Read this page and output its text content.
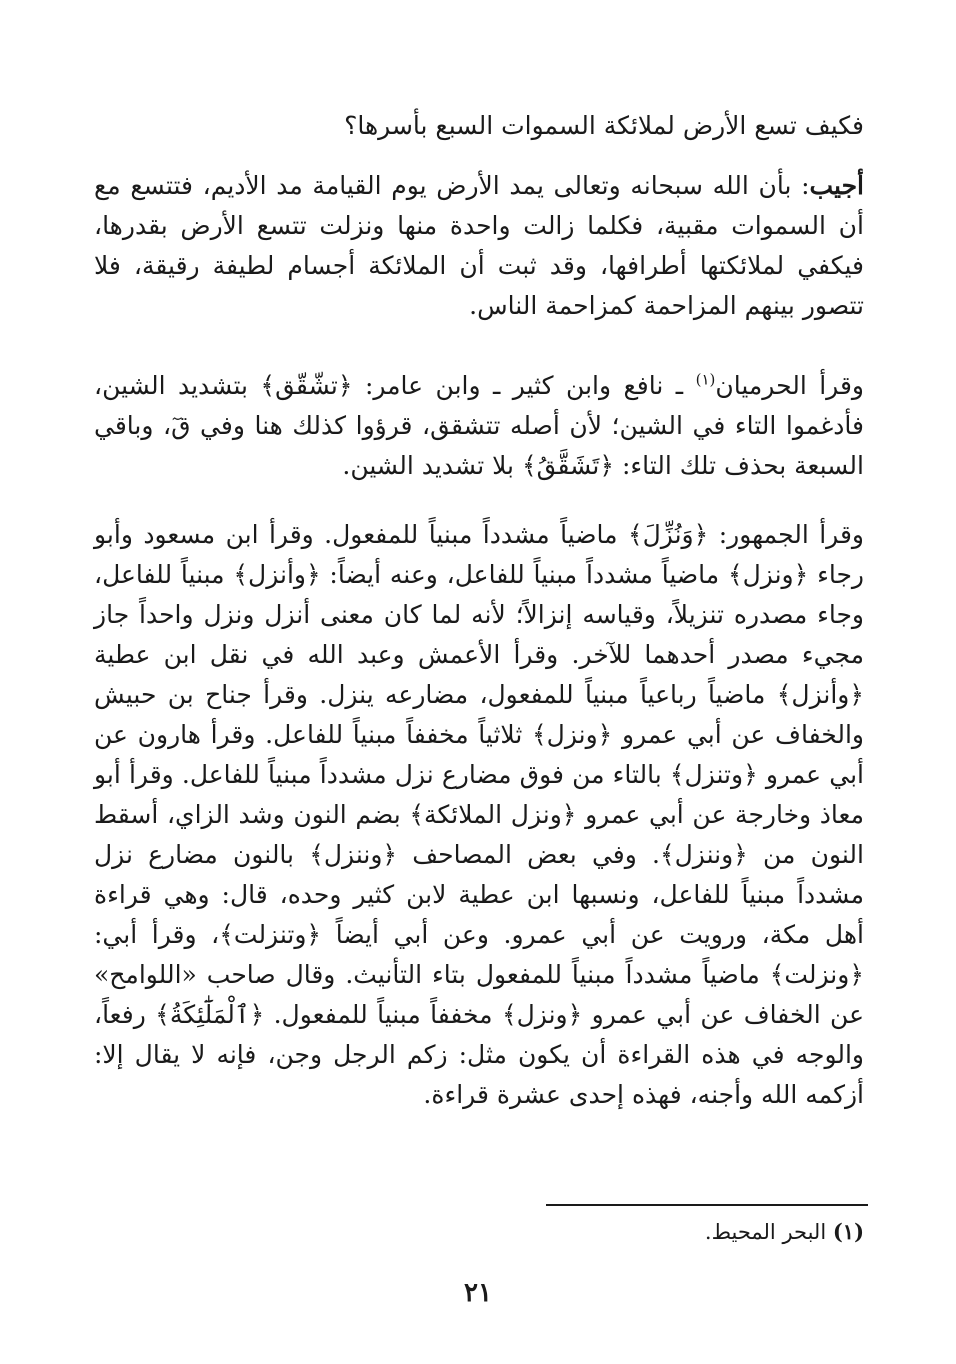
فكيف تسع الأرض لملائكة السموات السبع بأسرها؟

أجيب: بأن الله سبحانه وتعالى يمد الأرض يوم القيامة مد الأديم، فتتسع مع أن السموات مقبية، فكلما زالت واحدة منها ونزلت تتسع الأرض بقدرها، فيكفي لملائكتها أطرافها، وقد ثبت أن الملائكة أجسام لطيفة رقيقة، فلا تتصور بينهم المزاحمة كمزاحمة الناس.

وقرأ الحرميان$^{(١)}$ ـ نافع وابن كثير ـ وابن عامر: ﴿تشّقّق﴾ بتشديد الشين، فأدغموا التاء في الشين؛ لأن أصله تتشقق، قرؤوا كذلك هنا وفي قٓ، وباقي السبعة بحذف تلك التاء: ﴿تَشَقَّقُ﴾ بلا تشديد الشين.

وقرأ الجمهور: ﴿وَنُزِّلَ﴾ ماضياً مشدداً مبنياً للمفعول. وقرأ ابن مسعود وأبو رجاء ﴿ونزل﴾ ماضياً مشدداً مبنياً للفاعل، وعنه أيضاً: ﴿وأنزل﴾ مبنياً للفاعل، وجاء مصدره تنزيلاً، وقياسه إنزالاً؛ لأنه لما كان معنى أنزل ونزل واحداً جاز مجيء مصدر أحدهما للآخر. وقرأ الأعمش وعبد الله في نقل ابن عطية ﴿وأنزل﴾ ماضياً رباعياً مبنياً للمفعول، مضارعه ينزل. وقرأ جناح بن حبيش والخفاف عن أبي عمرو ﴿ونزل﴾ ثلاثياً مخففاً مبنياً للفاعل. وقرأ هارون عن أبي عمرو ﴿وتنزل﴾ بالتاء من فوق مضارع نزل مشدداً مبنياً للفاعل. وقرأ أبو معاذ وخارجة عن أبي عمرو ﴿ونزل الملائكة﴾ بضم النون وشد الزاي، أسقط النون من ﴿وننزل﴾. وفي بعض المصاحف ﴿وننزل﴾ بالنون مضارع نزل مشدداً مبنياً للفاعل، ونسبها ابن عطية لابن كثير وحده، قال: وهي قراءة أهل مكة، ورويت عن أبي عمرو. وعن أبي أيضاً ﴿وتنزلت﴾، وقرأ أبي: ﴿ونزلت﴾ ماضياً مشدداً مبنياً للمفعول بتاء التأنيث. وقال صاحب «اللوامح» عن الخفاف عن أبي عمرو ﴿ونزل﴾ مخففاً مبنياً للمفعول. ﴿ٱلْمَلَٰٓئِكَةُ﴾ رفعاً، والوجه في هذه القراءة أن يكون مثل: زكم الرجل وجن، فإنه لا يقال إلا: أزكمه الله وأجنه، فهذه إحدى عشرة قراءة.

(١) البحر المحيط.
٢١
